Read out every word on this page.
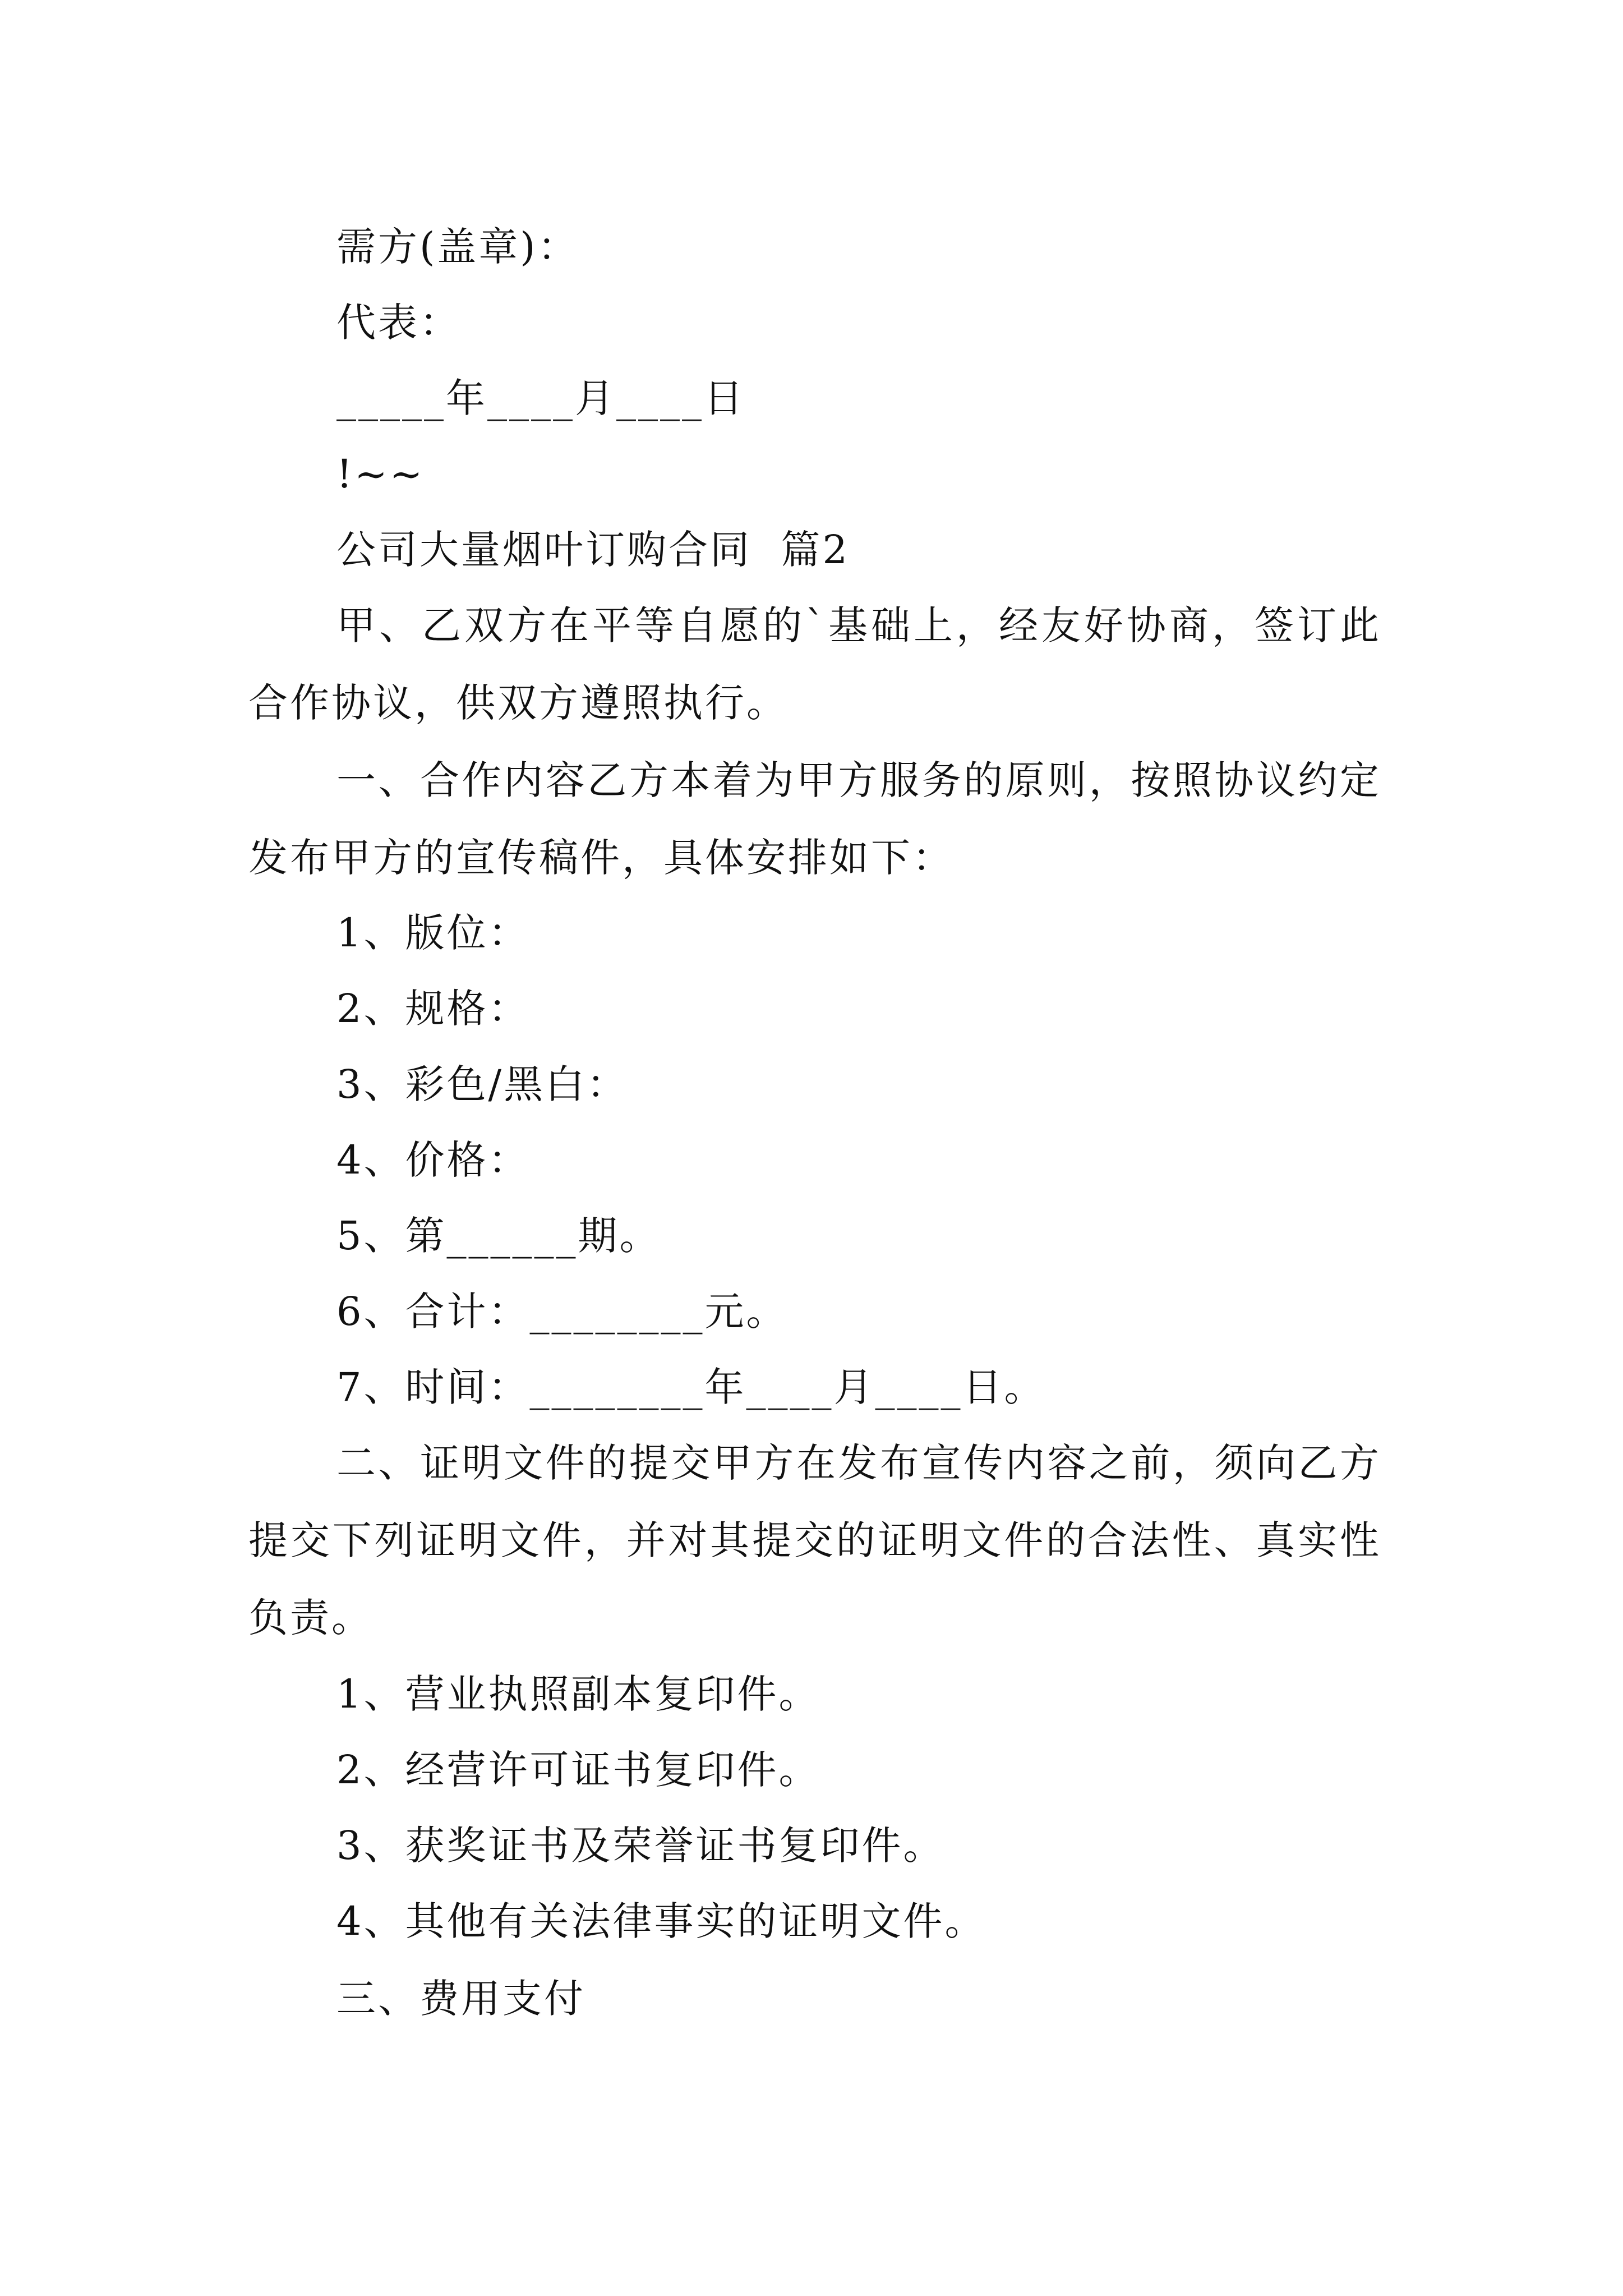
需方(盖章)：

代表：

_____年____月____日

!~~

公司大量烟叶订购合同  篇2

甲、乙双方在平等自愿的`基础上，经友好协商，签订此合作协议，供双方遵照执行。

一、合作内容乙方本着为甲方服务的原则，按照协议约定发布甲方的宣传稿件，具体安排如下：

1、版位：

2、规格：

3、彩色/黑白：

4、价格：

5、第______期。

6、合计：________元。

7、时间：________年____月____日。

二、证明文件的提交甲方在发布宣传内容之前，须向乙方提交下列证明文件，并对其提交的证明文件的合法性、真实性负责。

1、营业执照副本复印件。

2、经营许可证书复印件。

3、获奖证书及荣誉证书复印件。

4、其他有关法律事实的证明文件。

三、费用支付
